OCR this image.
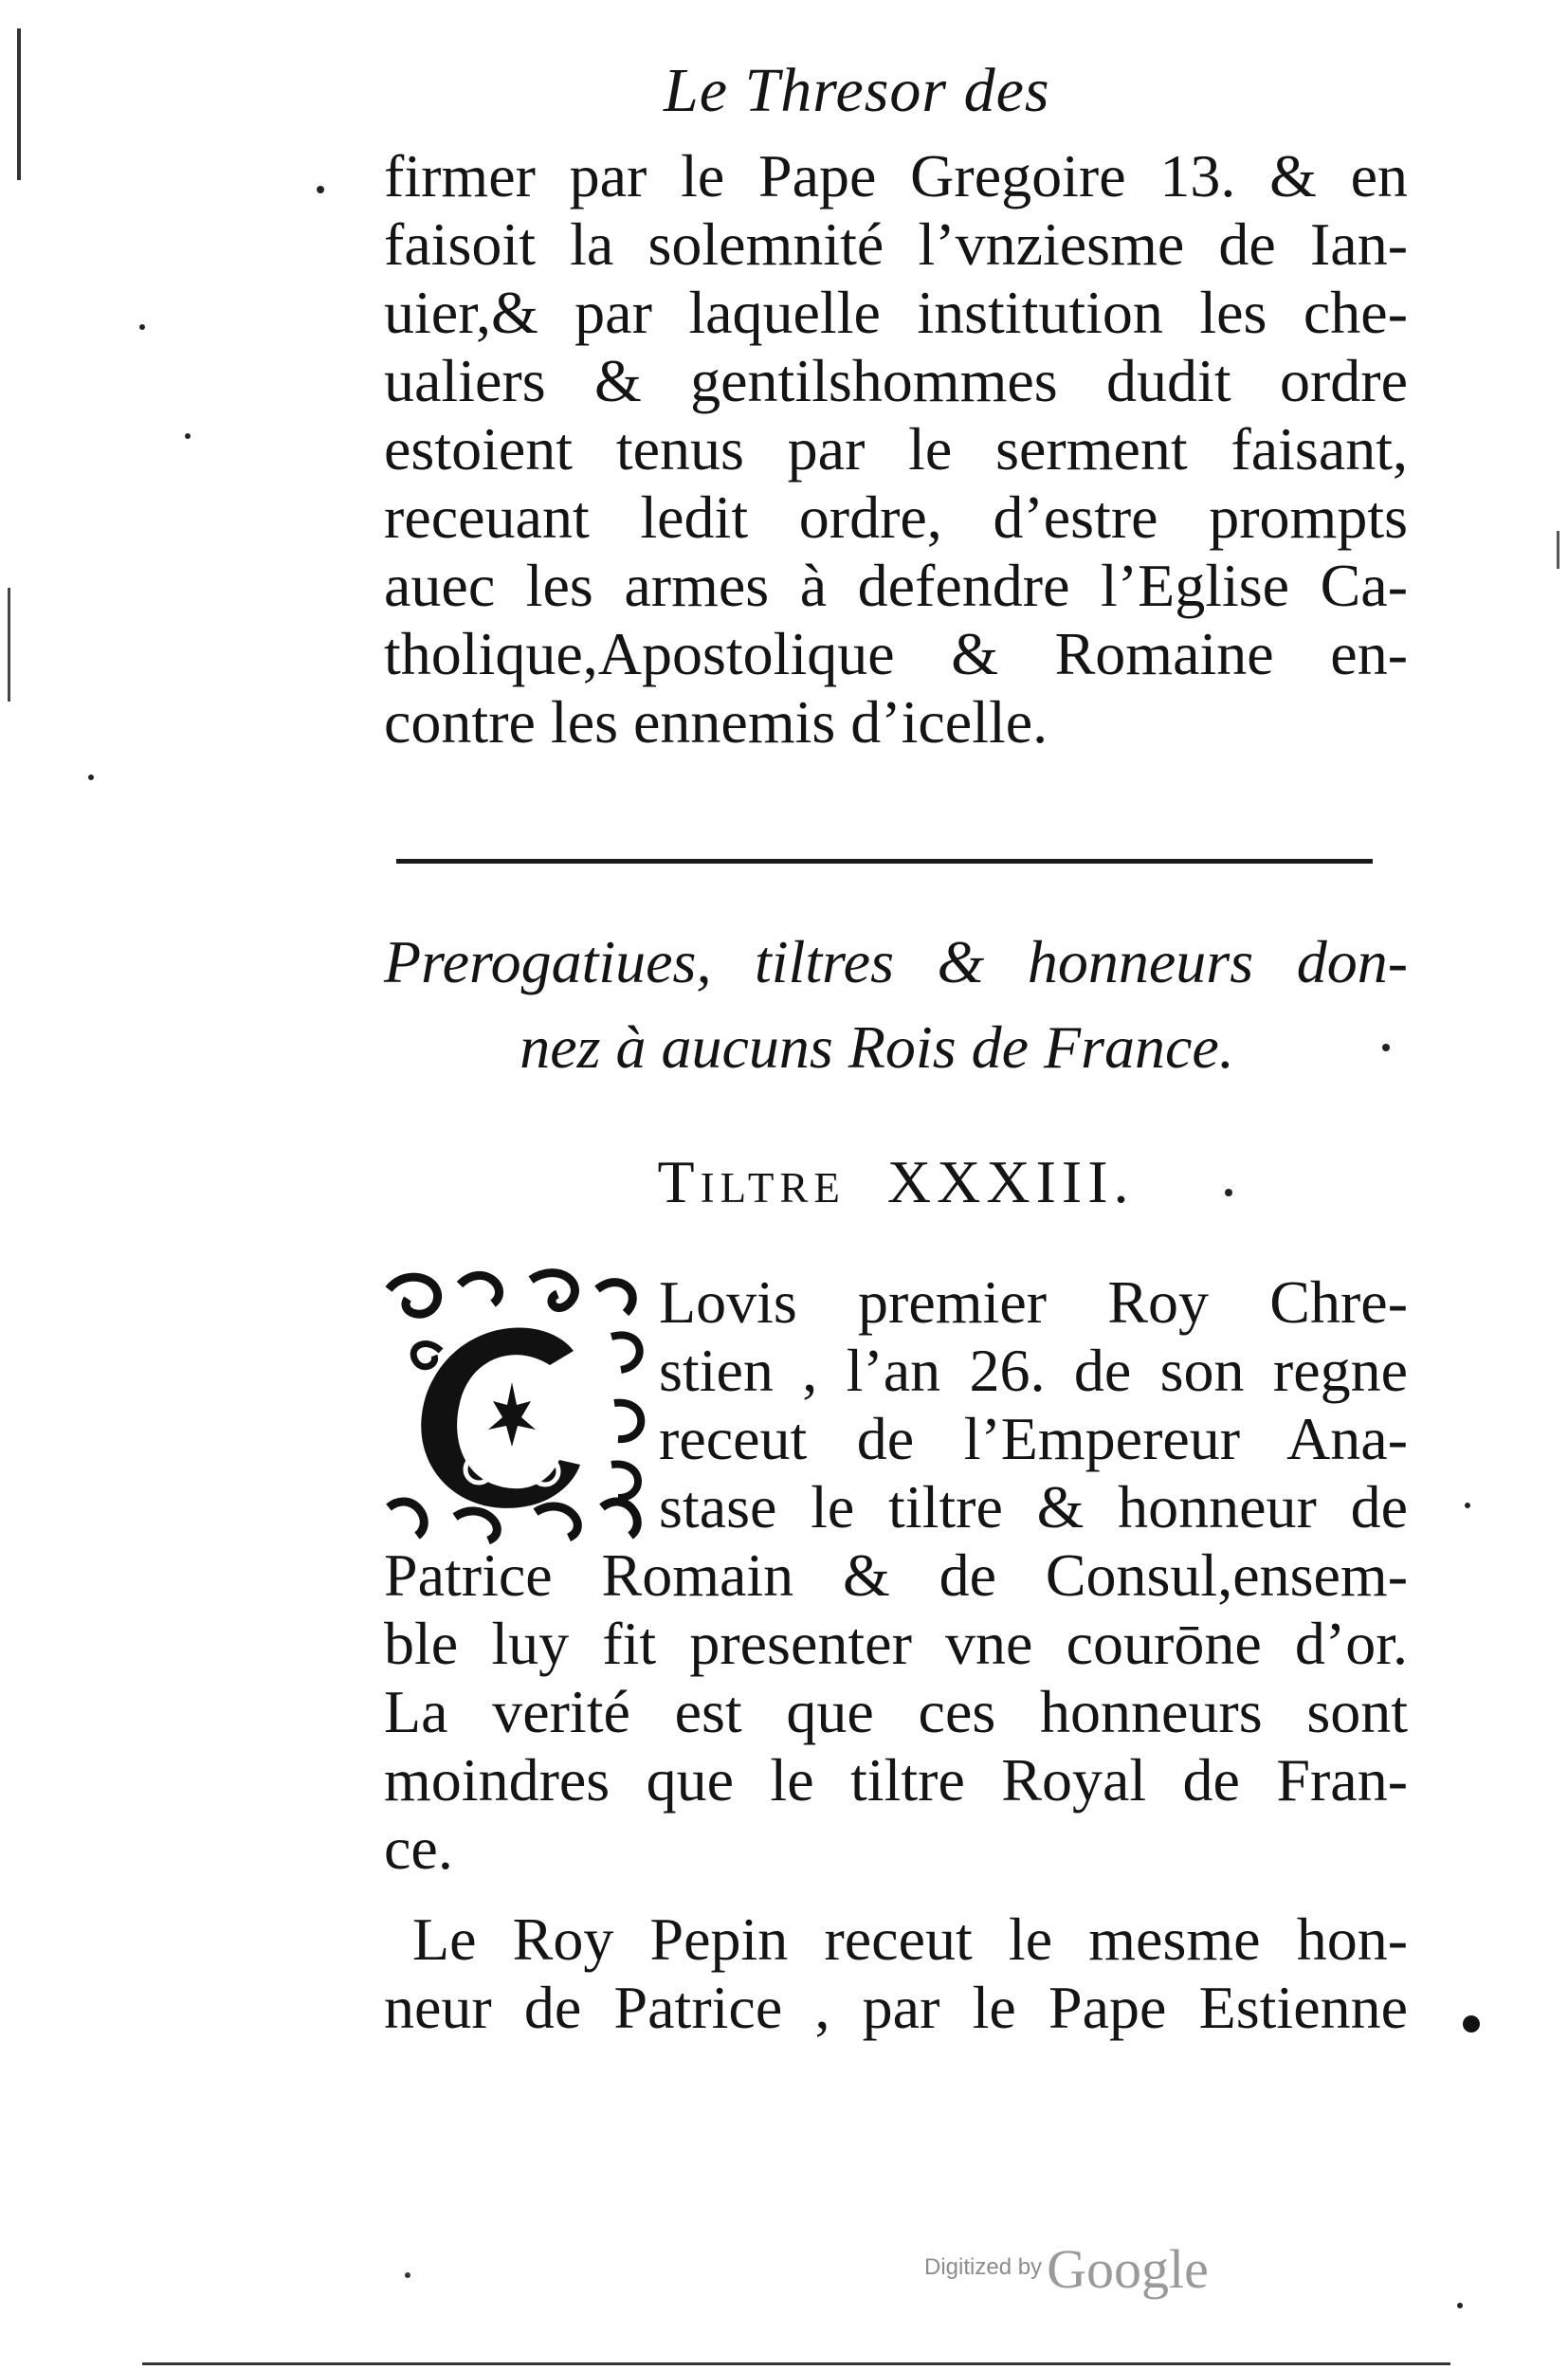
Le Thresor des
firmer par le Pape Gregoire 13. & en
faisoit la solemnité l’vnziesme de Ian-
uier,& par laquelle institution les che-
ualiers & gentilshommes dudit ordre
estoient tenus par le serment faisant,
receuant ledit ordre, d’estre prompts
auec les armes à defendre l’Eglise Ca-
tholique,Apostolique & Romaine en-
contre les ennemis d’icelle.
Prerogatiues, tiltres & honneurs don-
nez à aucuns Rois de France.
Tiltre XXXIII.
Lovis premier Roy Chre-
stien , l’an 26. de son regne
receut de l’Empereur Ana-
stase le tiltre & honneur de
Patrice Romain & de Consul,ensem-
ble luy fit presenter vne courōne d’or.
La verité est que ces honneurs sont
moindres que le tiltre Royal de Fran-
ce.
Le Roy Pepin receut le mesme hon-
neur de Patrice , par le Pape Estienne
Digitized by Google
